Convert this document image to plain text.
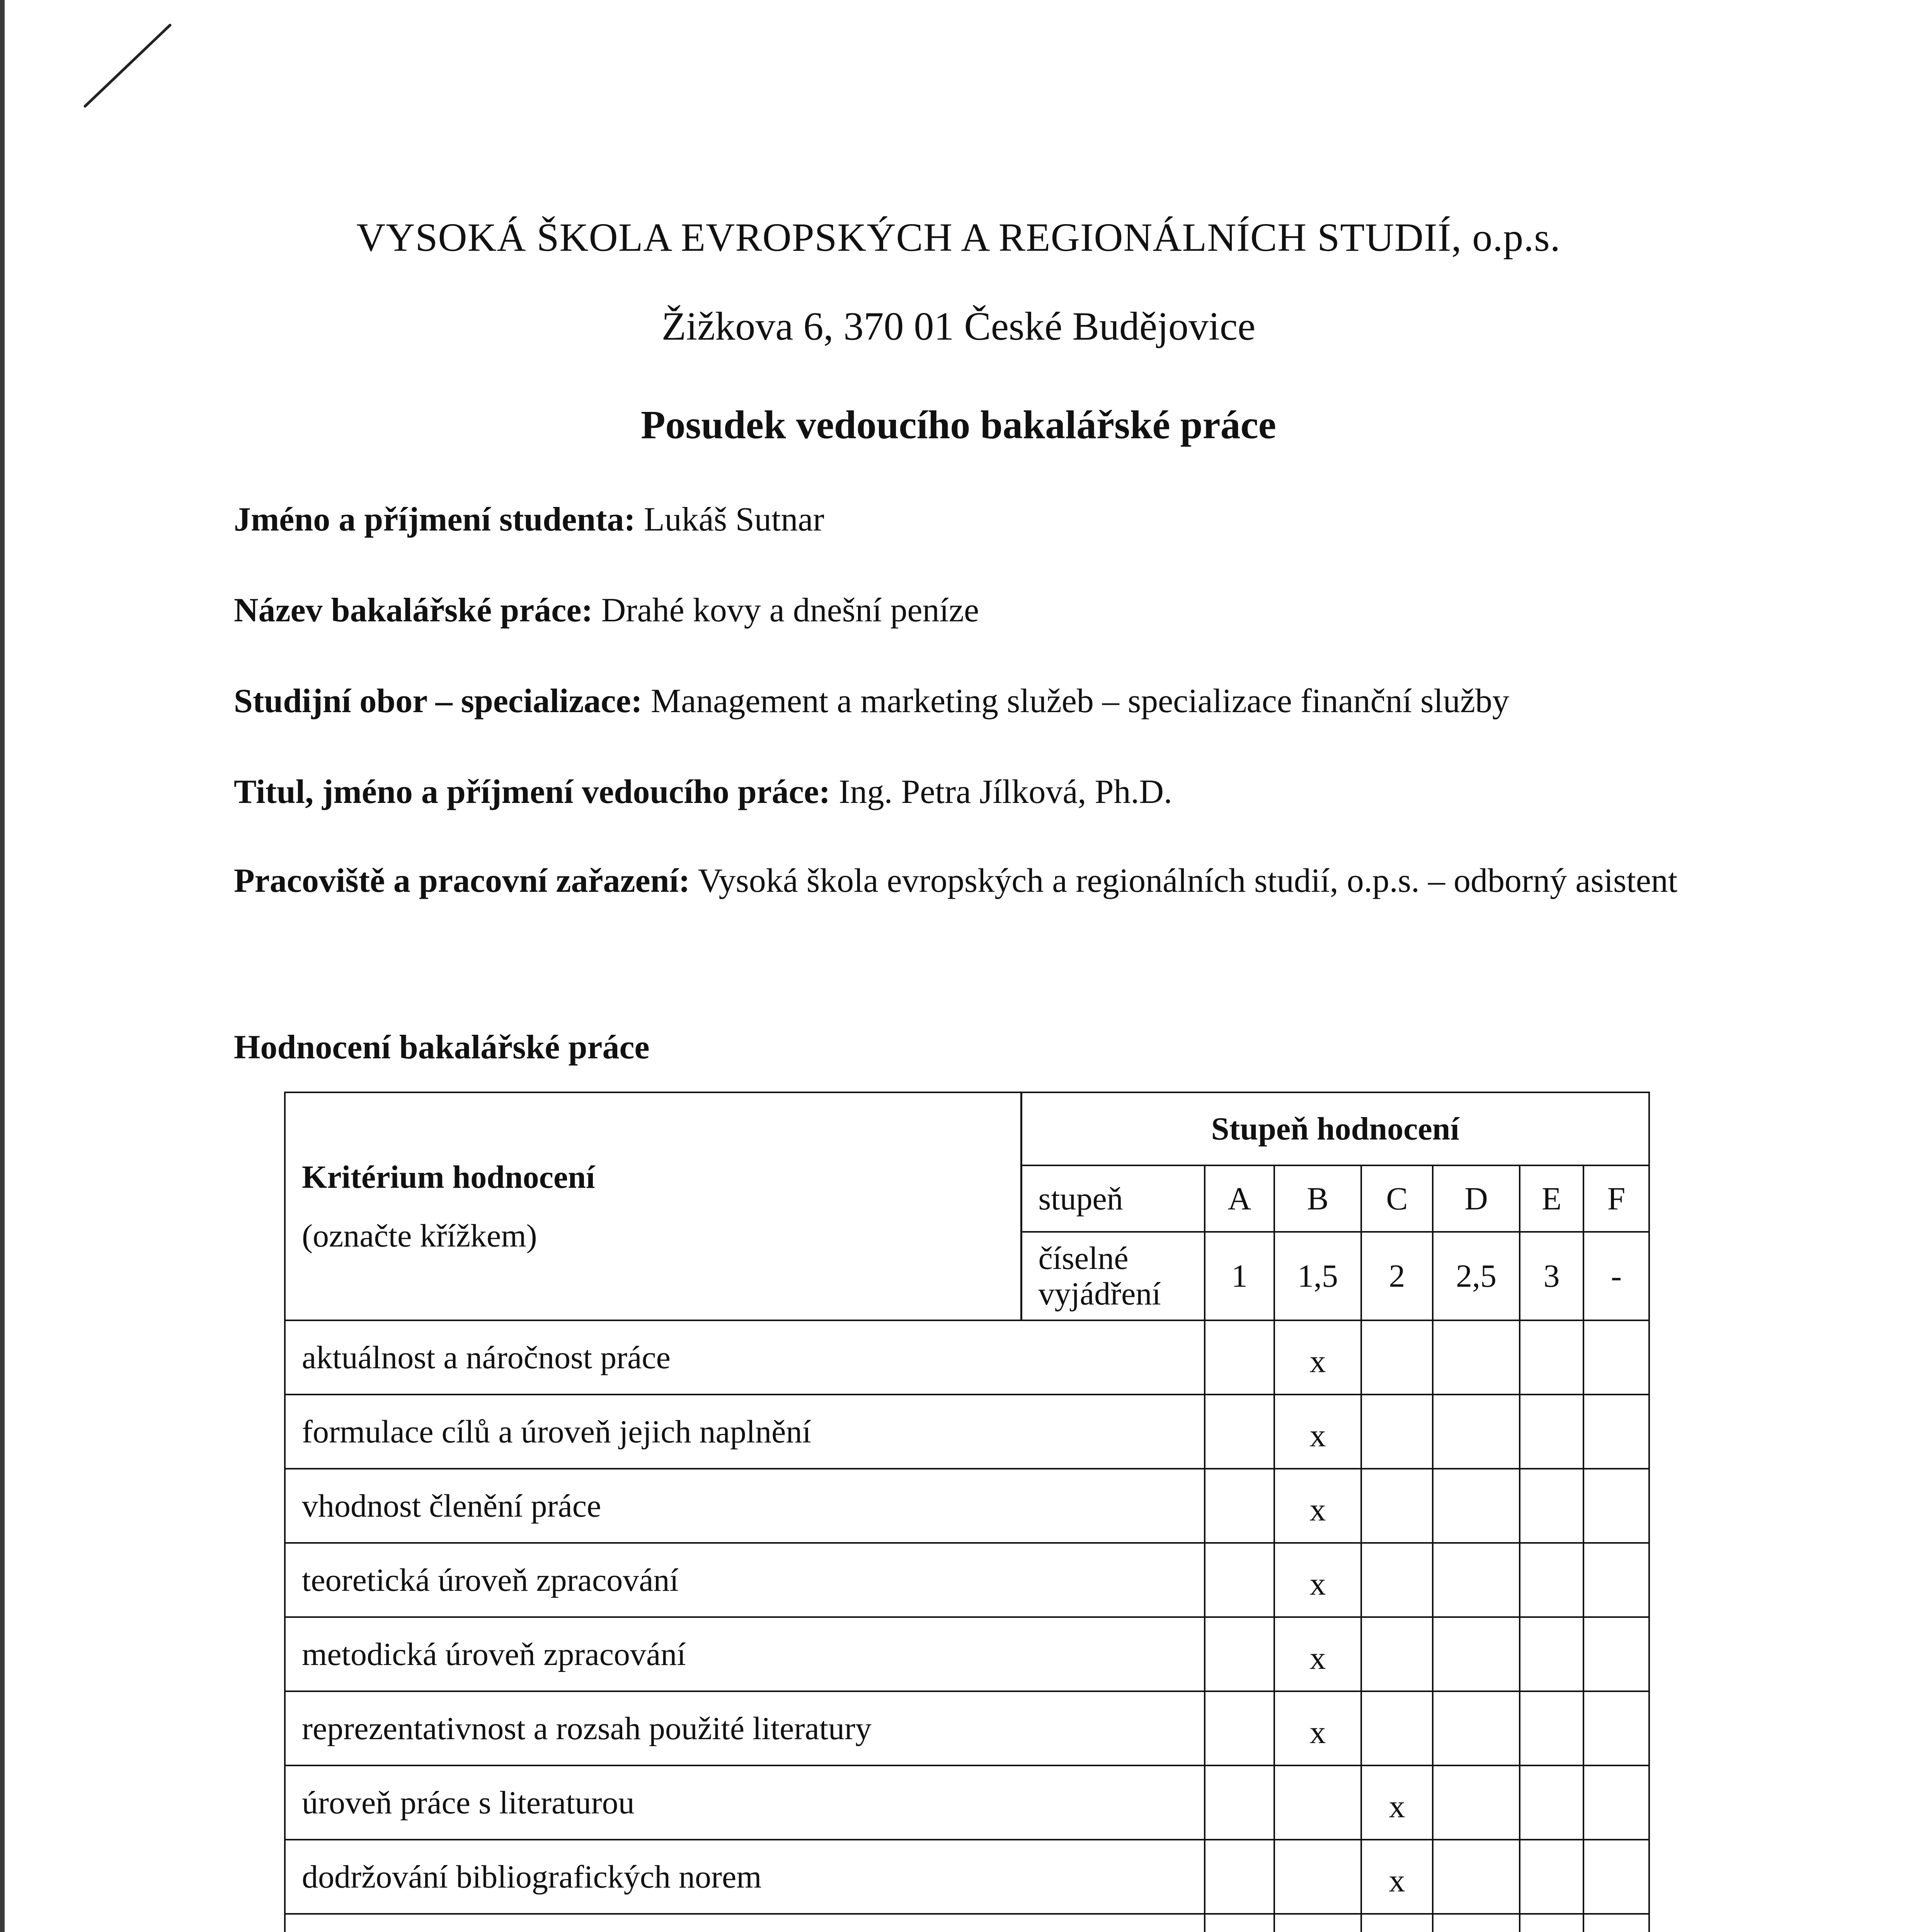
VYSOKÁ ŠKOLA EVROPSKÝCH A REGIONÁLNÍCH STUDIÍ, o.p.s.
Žižkova 6, 370 01 České Budějovice
Posudek vedoucího bakalářské práce
Jméno a příjmení studenta: Lukáš Sutnar
Název bakalářské práce: Drahé kovy a dnešní peníze
Studijní obor – specializace: Management a marketing služeb – specializace finanční služby
Titul, jméno a příjmení vedoucího práce: Ing. Petra Jílková, Ph.D.
Pracoviště a pracovní zařazení: Vysoká škola evropských a regionálních studií, o.p.s. – odborný asistent
Hodnocení bakalářské práce
Kritérium hodnocení
(označte křížkem)	Stupeň hodnocení						
	stupeň	A	B	C	D	E	F
	číselné vyjádření	1	1,5	2	2,5	3	-
aktuálnost a náročnost práce			x				
formulace cílů a úroveň jejich naplnění			x				
vhodnost členění práce			x				
teoretická úroveň zpracování			x				
metodická úroveň zpracování			x				
reprezentativnost a rozsah použité literatury			x				
úroveň práce s literaturou				x			
dodržování bibliografických norem				x			
